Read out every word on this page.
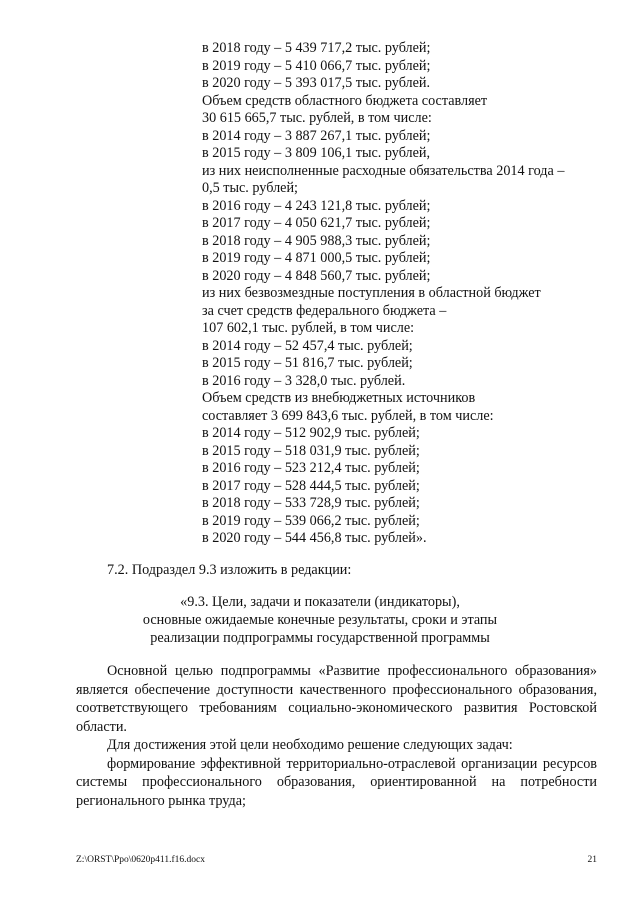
в 2018 году – 5 439 717,2 тыс. рублей;
в 2019 году – 5 410 066,7 тыс. рублей;
в 2020 году – 5 393 017,5 тыс. рублей.
Объем средств областного бюджета составляет
30 615 665,7 тыс. рублей, в том числе:
в 2014 году – 3 887 267,1 тыс. рублей;
в 2015 году – 3 809 106,1 тыс. рублей,
из них неисполненные расходные обязательства 2014 года –
0,5 тыс. рублей;
в 2016 году – 4 243 121,8 тыс. рублей;
в 2017 году – 4 050 621,7 тыс. рублей;
в 2018 году – 4 905 988,3 тыс. рублей;
в 2019 году – 4 871 000,5 тыс. рублей;
в 2020 году – 4 848 560,7 тыс. рублей;
из них безвозмездные поступления в областной бюджет
за счет средств федерального бюджета –
107 602,1 тыс. рублей, в том числе:
в 2014 году – 52 457,4 тыс. рублей;
в 2015 году – 51 816,7 тыс. рублей;
в 2016 году – 3 328,0 тыс. рублей.
Объем средств из внебюджетных источников
составляет 3 699 843,6 тыс. рублей, в том числе:
в 2014 году – 512 902,9 тыс. рублей;
в 2015 году – 518 031,9 тыс. рублей;
в 2016 году – 523 212,4 тыс. рублей;
в 2017 году – 528 444,5 тыс. рублей;
в 2018 году – 533 728,9 тыс. рублей;
в 2019 году – 539 066,2 тыс. рублей;
в 2020 году – 544 456,8 тыс. рублей».
7.2. Подраздел 9.3 изложить в редакции:
«9.3. Цели, задачи и показатели (индикаторы),
основные ожидаемые конечные результаты, сроки и этапы
реализации подпрограммы государственной программы

Основной целью подпрограммы «Развитие профессионального образования» является обеспечение доступности качественного профессионального образования, соответствующего требованиям социально-экономического развития Ростовской области.

Для достижения этой цели необходимо решение следующих задач:

формирование эффективной территориально-отраслевой организации ресурсов системы профессионального образования, ориентированной на потребности регионального рынка труда;

Z:\ORST\Ppo\0620p411.f16.docx	21
